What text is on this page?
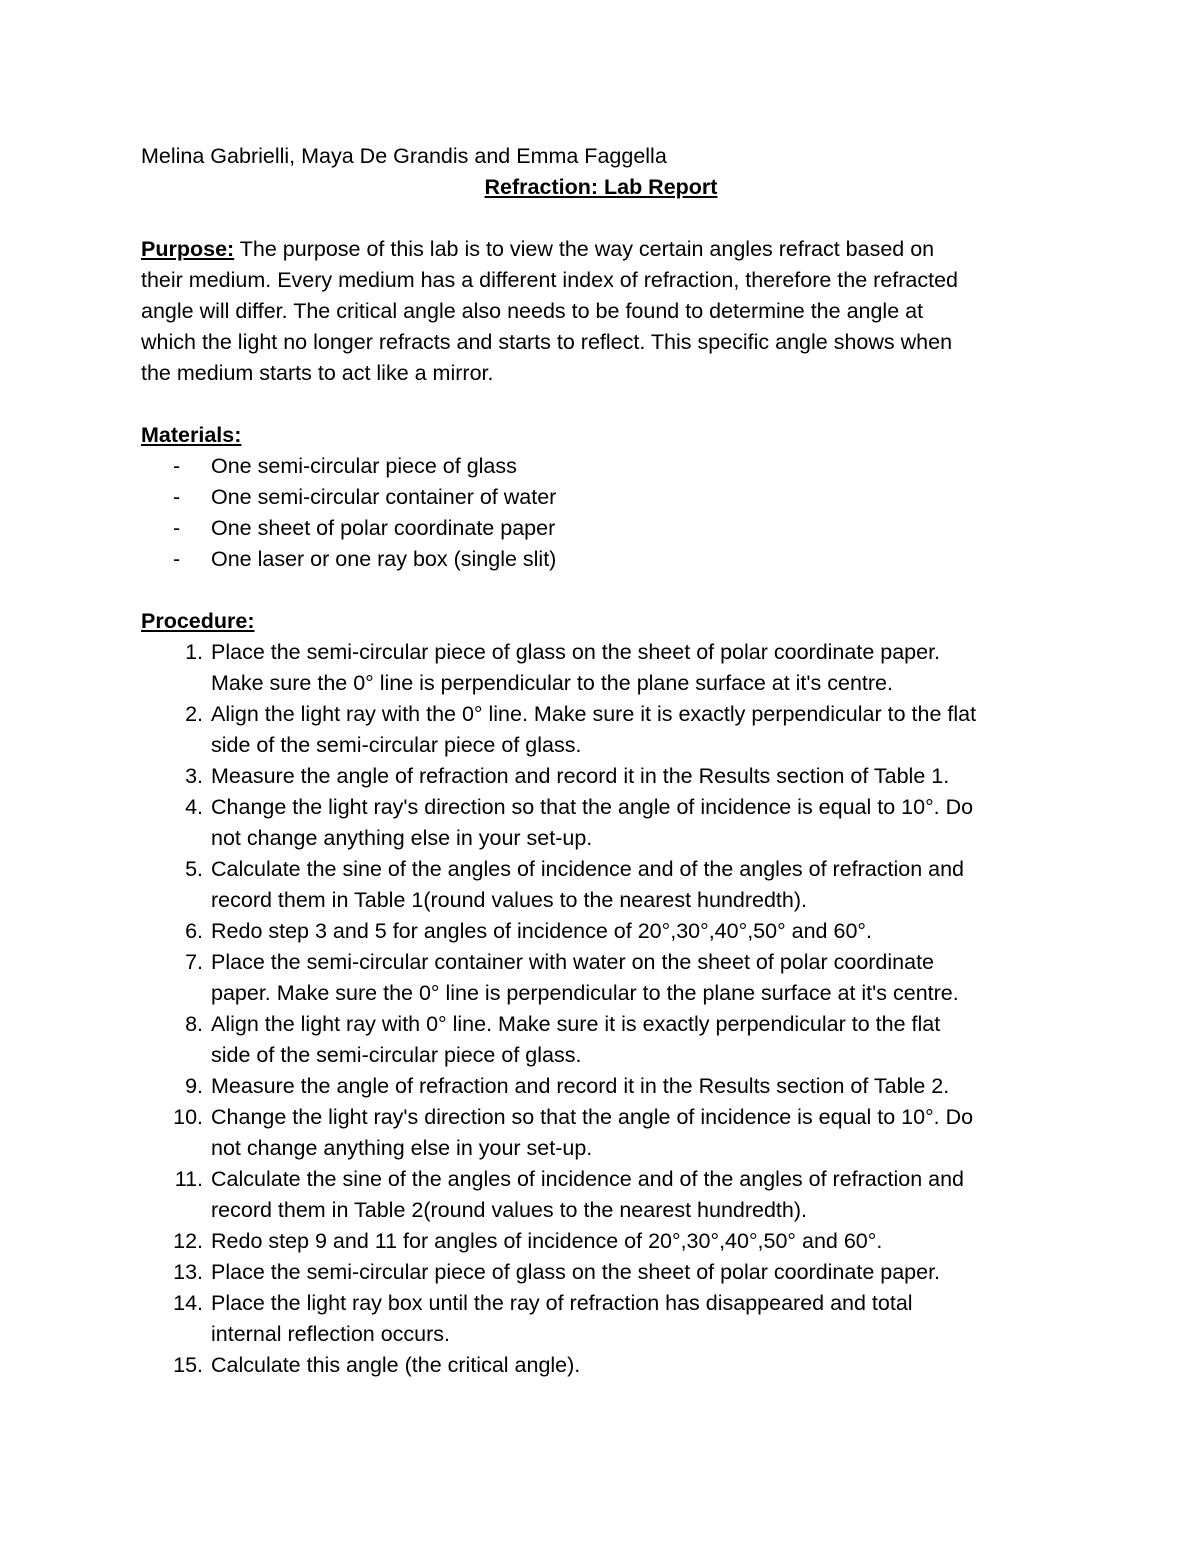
Melina Gabrielli, Maya De Grandis and Emma Faggella
Refraction: Lab Report
Purpose: The purpose of this lab is to view the way certain angles refract based on
their medium. Every medium has a different index of refraction, therefore the refracted
angle will differ. The critical angle also needs to be found to determine the angle at
which the light no longer refracts and starts to reflect. This specific angle shows when
the medium starts to act like a mirror.
Materials:
- One semi-circular piece of glass
- One semi-circular container of water
- One sheet of polar coordinate paper
- One laser or one ray box (single slit)
Procedure:
1. Place the semi-circular piece of glass on the sheet of polar coordinate paper.
Make sure the 0° line is perpendicular to the plane surface at it's centre.
2. Align the light ray with the 0° line. Make sure it is exactly perpendicular to the flat
side of the semi-circular piece of glass.
3. Measure the angle of refraction and record it in the Results section of Table 1.
4. Change the light ray's direction so that the angle of incidence is equal to 10°. Do
not change anything else in your set-up.
5. Calculate the sine of the angles of incidence and of the angles of refraction and
record them in Table 1(round values to the nearest hundredth).
6. Redo step 3 and 5 for angles of incidence of 20°,30°,40°,50° and 60°.
7. Place the semi-circular container with water on the sheet of polar coordinate
paper. Make sure the 0° line is perpendicular to the plane surface at it's centre.
8. Align the light ray with 0° line. Make sure it is exactly perpendicular to the flat
side of the semi-circular piece of glass.
9. Measure the angle of refraction and record it in the Results section of Table 2.
10. Change the light ray's direction so that the angle of incidence is equal to 10°. Do
not change anything else in your set-up.
11. Calculate the sine of the angles of incidence and of the angles of refraction and
record them in Table 2(round values to the nearest hundredth).
12. Redo step 9 and 11 for angles of incidence of 20°,30°,40°,50° and 60°.
13. Place the semi-circular piece of glass on the sheet of polar coordinate paper.
14. Place the light ray box until the ray of refraction has disappeared and total
internal reflection occurs.
15. Calculate this angle (the critical angle).
